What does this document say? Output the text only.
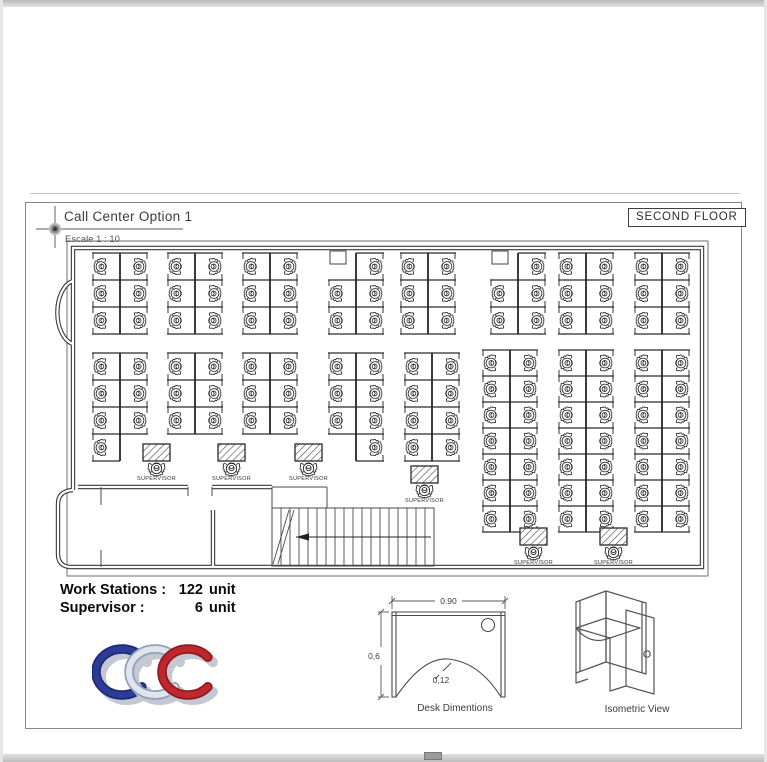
SUPERVISOR	SUPERVISOR	SUPERVISOR
SUPERVISOR
SUPERVISOR	SUPERVISOR
Call Center Option 1
Escale 1 : 10
SECOND FLOOR
Work Stations : 122 unit
Supervisor :	6 unit	0.90
0,6
0,12
Desk Dimentions	Isometric View
